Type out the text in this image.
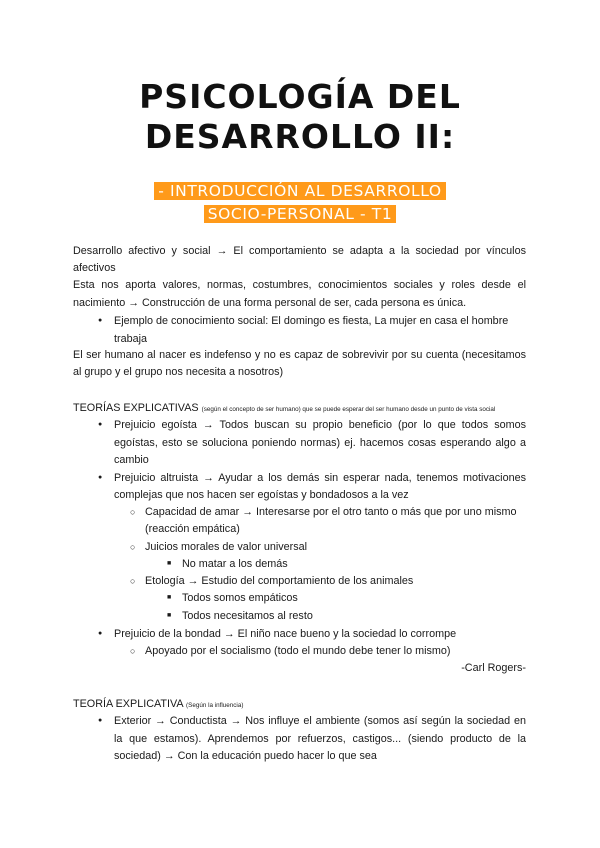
PSICOLOGÍA DEL
DESARROLLO II:
- INTRODUCCIÓN AL DESARROLLO
SOCIO-PERSONAL - T1
Desarrollo afectivo y social → El comportamiento se adapta a la sociedad por vínculos
afectivos
Esta nos aporta valores, normas, costumbres, conocimientos sociales y roles desde el
nacimiento → Construcción de una forma personal de ser, cada persona es única.
● Ejemplo de conocimiento social: El domingo es fiesta, La mujer en casa el hombre
trabaja
El ser humano al nacer es indefenso y no es capaz de sobrevivir por su cuenta (necesitamos
al grupo y el grupo nos necesita a nosotros)
TEORÍAS EXPLICATIVAS (según el concepto de ser humano) que se puede esperar del ser humano desde un punto de vista social
● Prejuicio egoísta → Todos buscan su propio beneficio (por lo que todos somos
egoístas, esto se soluciona poniendo normas) ej. hacemos cosas esperando algo a
cambio
● Prejuicio altruista → Ayudar a los demás sin esperar nada, tenemos motivaciones
complejas que nos hacen ser egoístas y bondadosos a la vez
○ Capacidad de amar → Interesarse por el otro tanto o más que por uno mismo
(reacción empática)
○ Juicios morales de valor universal
■ No matar a los demás
○ Etología → Estudio del comportamiento de los animales
■ Todos somos empáticos
■ Todos necesitamos al resto
● Prejuicio de la bondad → El niño nace bueno y la sociedad lo corrompe
○ Apoyado por el socialismo (todo el mundo debe tener lo mismo)
-Carl Rogers-
TEORÍA EXPLICATIVA (Según la influencia)
● Exterior → Conductista → Nos influye el ambiente (somos así según la sociedad en
la que estamos). Aprendemos por refuerzos, castigos... (siendo producto de la
sociedad) → Con la educación puedo hacer lo que sea
